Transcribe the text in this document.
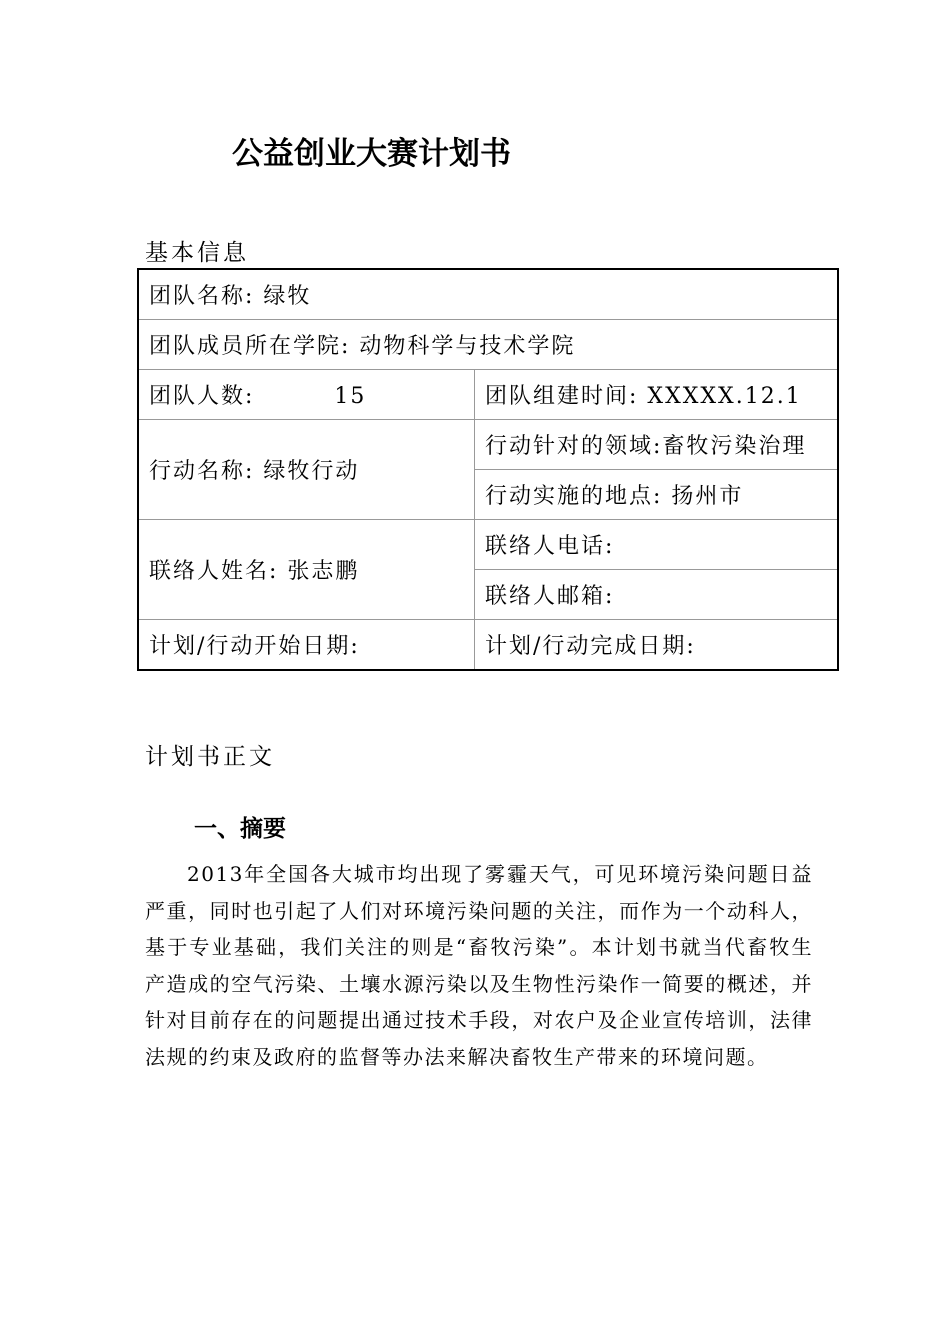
公益创业大赛计划书
基本信息
团队名称: 绿牧	
团队成员所在学院: 动物科学与技术学院	
团队人数: 15	团队组建时间: XXXXX.12.1
行动名称: 绿牧行动	行动针对的领域:畜牧污染治理
	行动实施的地点: 扬州市
联络人姓名: 张志鹏	联络人电话:
	联络人邮箱:
计划/行动开始日期:	计划/行动完成日期:
计划书正文
一、摘要

2013年全国各大城市均出现了雾霾天气，可见环境污染问题日益严重，同时也引起了人们对环境污染问题的关注，而作为一个动科人，基于专业基础，我们关注的则是“畜牧污染”。本计划书就当代畜牧生产造成的空气污染、土壤水源污染以及生物性污染作一简要的概述，并针对目前存在的问题提出通过技术手段，对农户及企业宣传培训，法律法规的约束及政府的监督等办法来解决畜牧生产带来的环境问题。
